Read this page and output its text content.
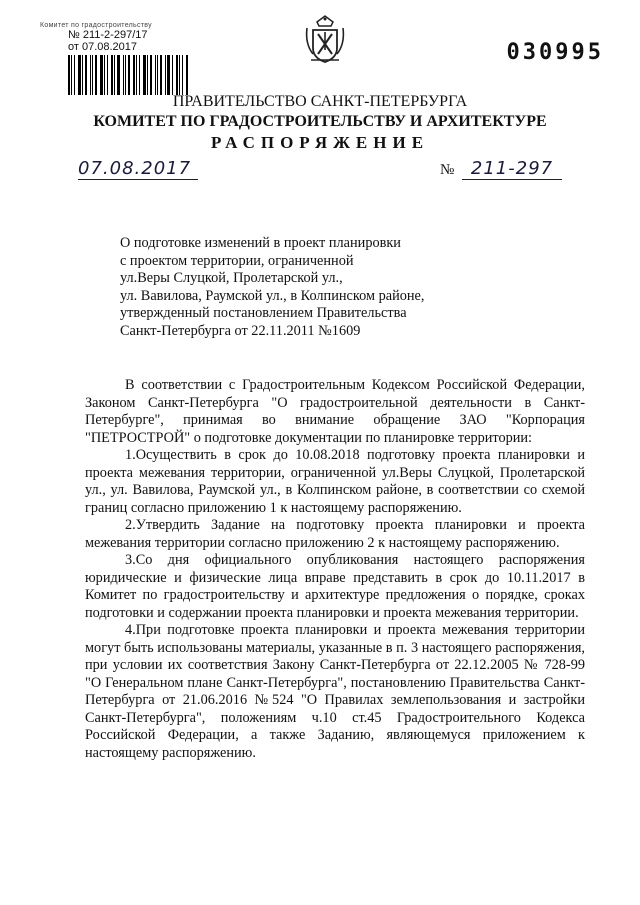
Комитет по градостроительству
№ 211-2-297/17
от 07.08.2017	030995
ПРАВИТЕЛЬСТВО САНКТ-ПЕТЕРБУРГА
КОМИТЕТ ПО ГРАДОСТРОИТЕЛЬСТВУ И АРХИТЕКТУРЕ
РАСПОРЯЖЕНИЕ
07.08.2017	№ 211-297
О подготовке изменений в проект планировки
с проектом территории, ограниченной
ул.Веры Слуцкой, Пролетарской ул.,
ул. Вавилова, Раумской ул., в Колпинском районе,
утвержденный постановлением Правительства
Санкт-Петербурга от 22.11.2011 №1609

В соответствии с Градостроительным Кодексом Российской Федерации, Законом Санкт-Петербурга "О градостроительной деятельности в Санкт-Петербурге", принимая во внимание обращение ЗАО "Корпорация "ПЕТРОСТРОЙ" о подготовке документации по планировке территории:

1.Осуществить в срок до 10.08.2018 подготовку проекта планировки и проекта межевания территории, ограниченной ул.Веры Слуцкой, Пролетарской ул., ул. Вавилова, Раумской ул., в Колпинском районе, в соответствии со схемой границ согласно приложению 1 к настоящему распоряжению.

2.Утвердить Задание на подготовку проекта планировки и проекта межевания территории согласно приложению 2 к настоящему распоряжению.

3.Со дня официального опубликования настоящего распоряжения юридические и физические лица вправе представить в срок до 10.11.2017 в Комитет по градостроительству и архитектуре предложения о порядке, сроках подготовки и содержании проекта планировки и проекта межевания территории.

4.При подготовке проекта планировки и проекта межевания территории могут быть использованы материалы, указанные в п. 3 настоящего распоряжения, при условии их соответствия Закону Санкт-Петербурга от 22.12.2005 № 728-99 "О Генеральном плане Санкт-Петербурга", постановлению Правительства Санкт-Петербурга от 21.06.2016 №524 "О Правилах землепользования и застройки Санкт-Петербурга", положениям ч.10 ст.45 Градостроительного Кодекса Российской Федерации, а также Заданию, являющемуся приложением к настоящему распоряжению.
